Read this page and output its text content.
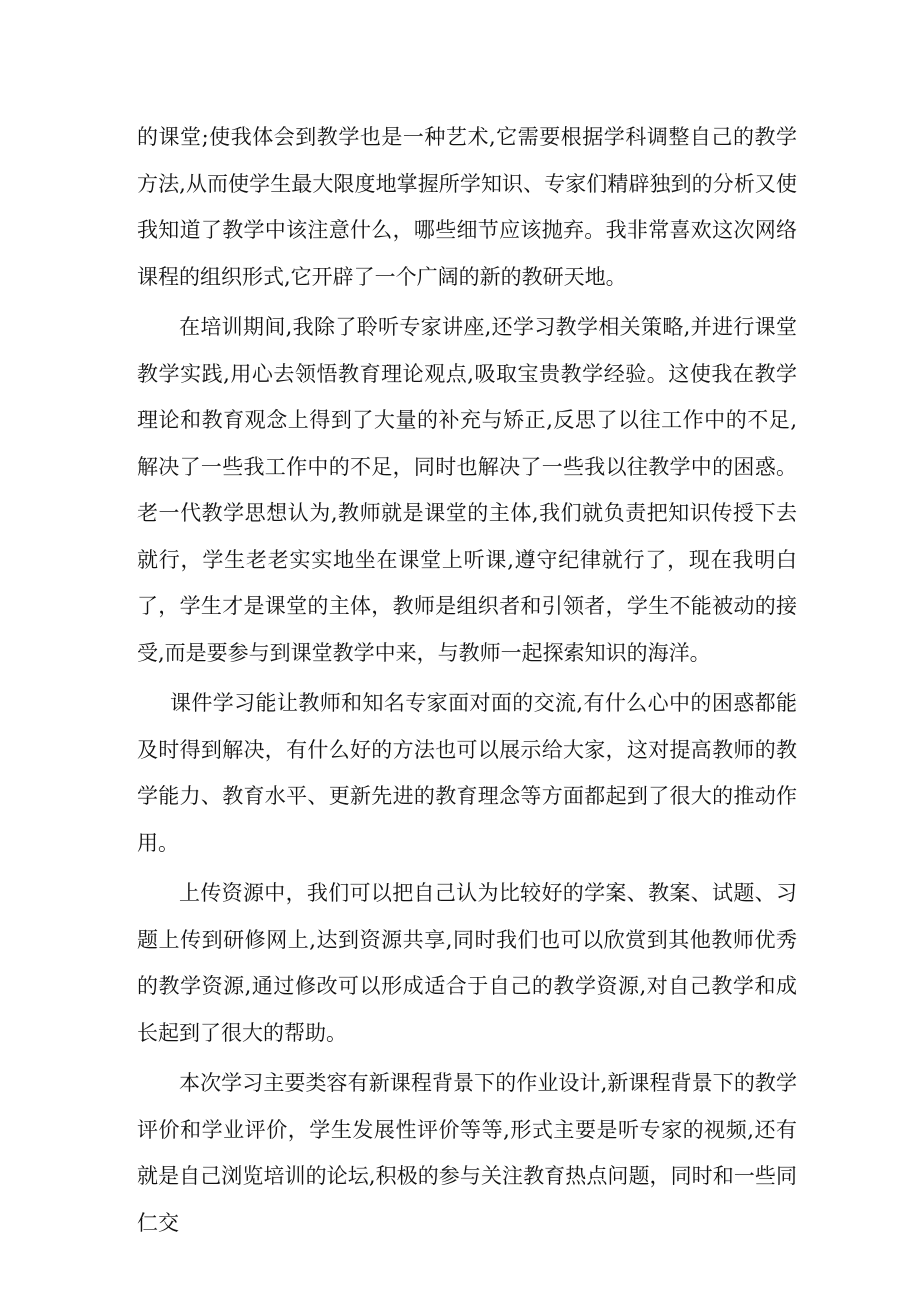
的课堂;使我体会到教学也是一种艺术,它需要根据学科调整自己的教学方法,从而使学生最大限度地掌握所学知识、专家们精辟独到的分析又使我知道了教学中该注意什么，哪些细节应该抛弃。我非常喜欢这次网络课程的组织形式,它开辟了一个广阔的新的教研天地。

在培训期间,我除了聆听专家讲座,还学习教学相关策略,并进行课堂教学实践,用心去领悟教育理论观点,吸取宝贵教学经验。这使我在教学理论和教育观念上得到了大量的补充与矫正,反思了以往工作中的不足,解决了一些我工作中的不足，同时也解决了一些我以往教学中的困惑。老一代教学思想认为,教师就是课堂的主体,我们就负责把知识传授下去就行，学生老老实实地坐在课堂上听课,遵守纪律就行了，现在我明白了，学生才是课堂的主体，教师是组织者和引领者，学生不能被动的接受,而是要参与到课堂教学中来，与教师一起探索知识的海洋。

课件学习能让教师和知名专家面对面的交流,有什么心中的困惑都能及时得到解决，有什么好的方法也可以展示给大家，这对提高教师的教学能力、教育水平、更新先进的教育理念等方面都起到了很大的推动作用。

上传资源中，我们可以把自己认为比较好的学案、教案、试题、习题上传到研修网上,达到资源共享,同时我们也可以欣赏到其他教师优秀的教学资源,通过修改可以形成适合于自己的教学资源,对自己教学和成长起到了很大的帮助。

本次学习主要类容有新课程背景下的作业设计,新课程背景下的教学评价和学业评价，学生发展性评价等等,形式主要是听专家的视频,还有就是自己浏览培训的论坛,积极的参与关注教育热点问题，同时和一些同仁交
